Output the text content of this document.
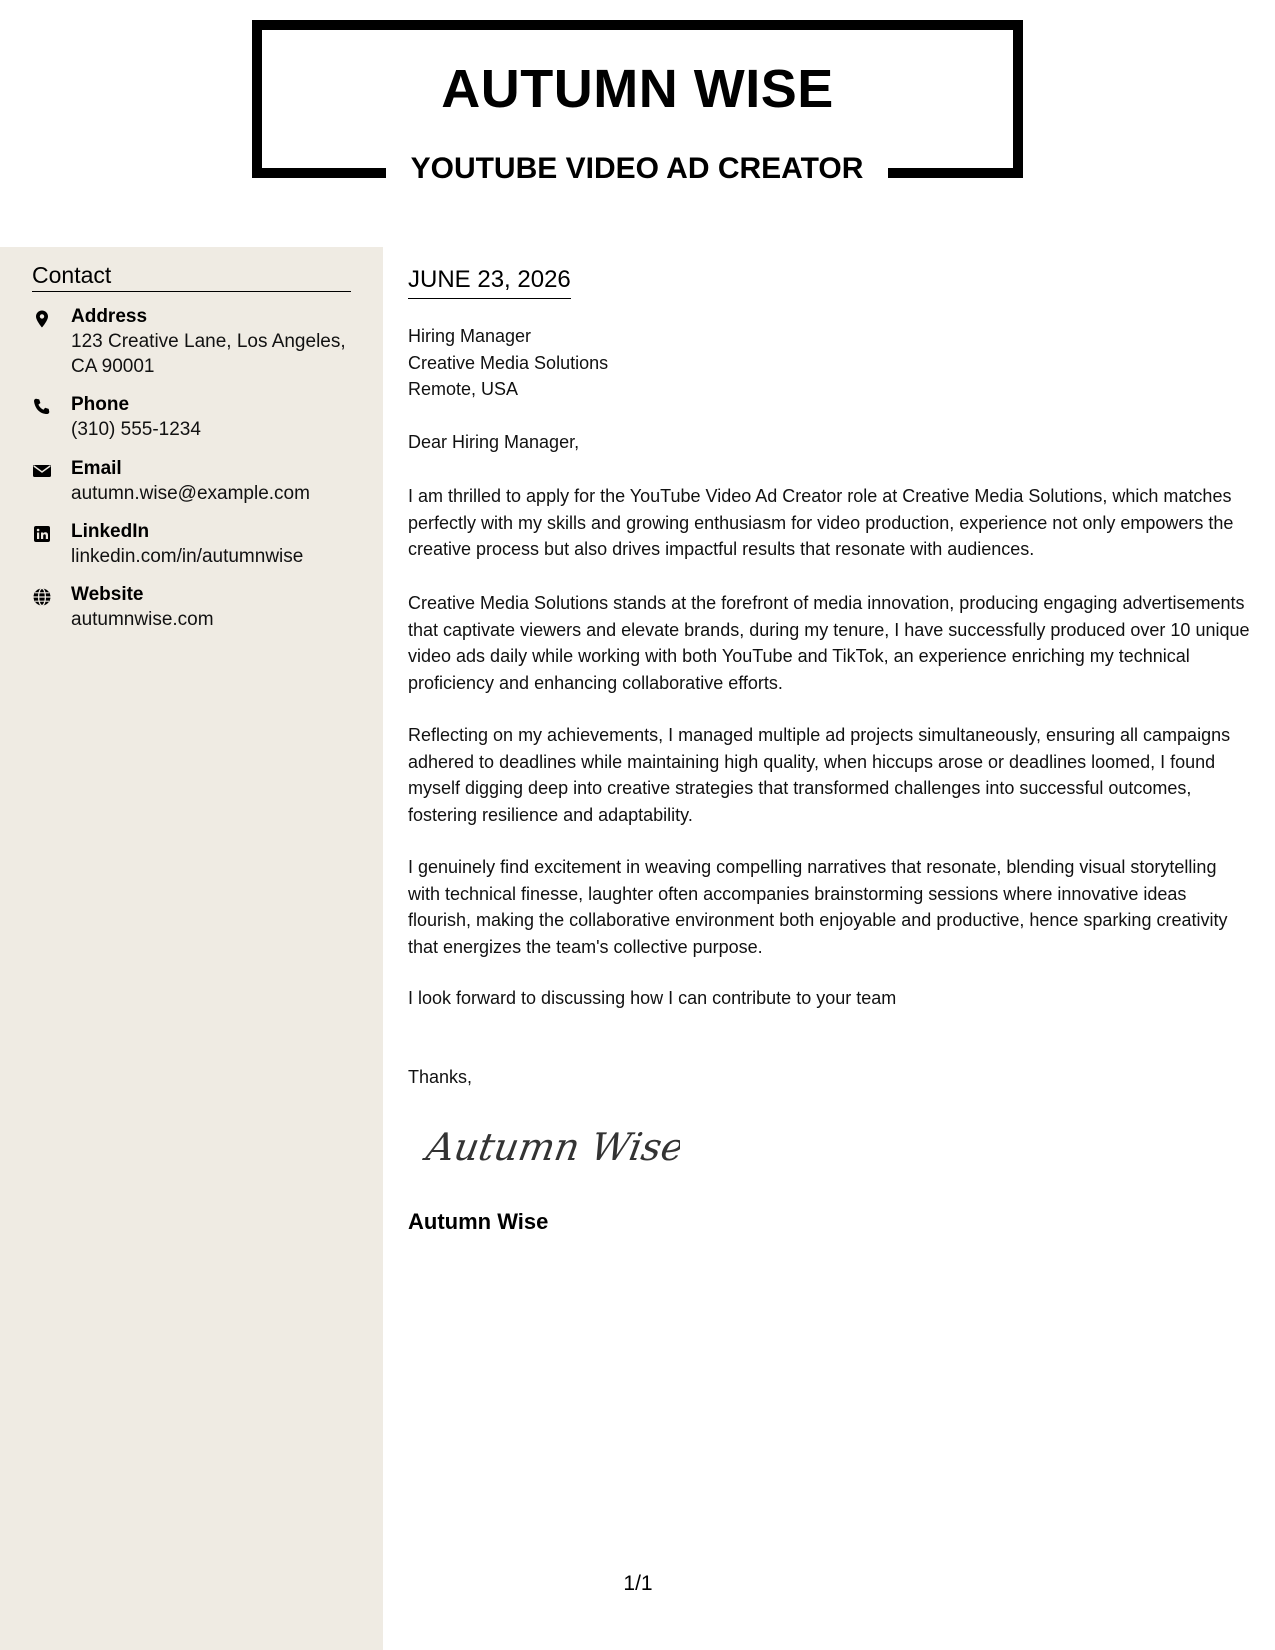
AUTUMN WISE
YOUTUBE VIDEO AD CREATOR
Contact
Address
123 Creative Lane, Los Angeles, CA 90001
Phone
(310) 555-1234
Email
autumn.wise@example.com
LinkedIn
linkedin.com/in/autumnwise
Website
autumnwise.com
JUNE 23, 2026
Hiring Manager
Creative Media Solutions
Remote, USA

Dear Hiring Manager,

I am thrilled to apply for the YouTube Video Ad Creator role at Creative Media Solutions, which matches perfectly with my skills and growing enthusiasm for video production, experience not only empowers the creative process but also drives impactful results that resonate with audiences.

Creative Media Solutions stands at the forefront of media innovation, producing engaging advertisements that captivate viewers and elevate brands, during my tenure, I have successfully produced over 10 unique video ads daily while working with both YouTube and TikTok, an experience enriching my technical proficiency and enhancing collaborative efforts.

Reflecting on my achievements, I managed multiple ad projects simultaneously, ensuring all campaigns adhered to deadlines while maintaining high quality, when hiccups arose or deadlines loomed, I found myself digging deep into creative strategies that transformed challenges into successful outcomes, fostering resilience and adaptability.

I genuinely find excitement in weaving compelling narratives that resonate, blending visual storytelling with technical finesse, laughter often accompanies brainstorming sessions where innovative ideas flourish, making the collaborative environment both enjoyable and productive, hence sparking creativity that energizes the team's collective purpose.

I look forward to discussing how I can contribute to your team

Thanks,

Autumn Wise
Autumn Wise
1/1
